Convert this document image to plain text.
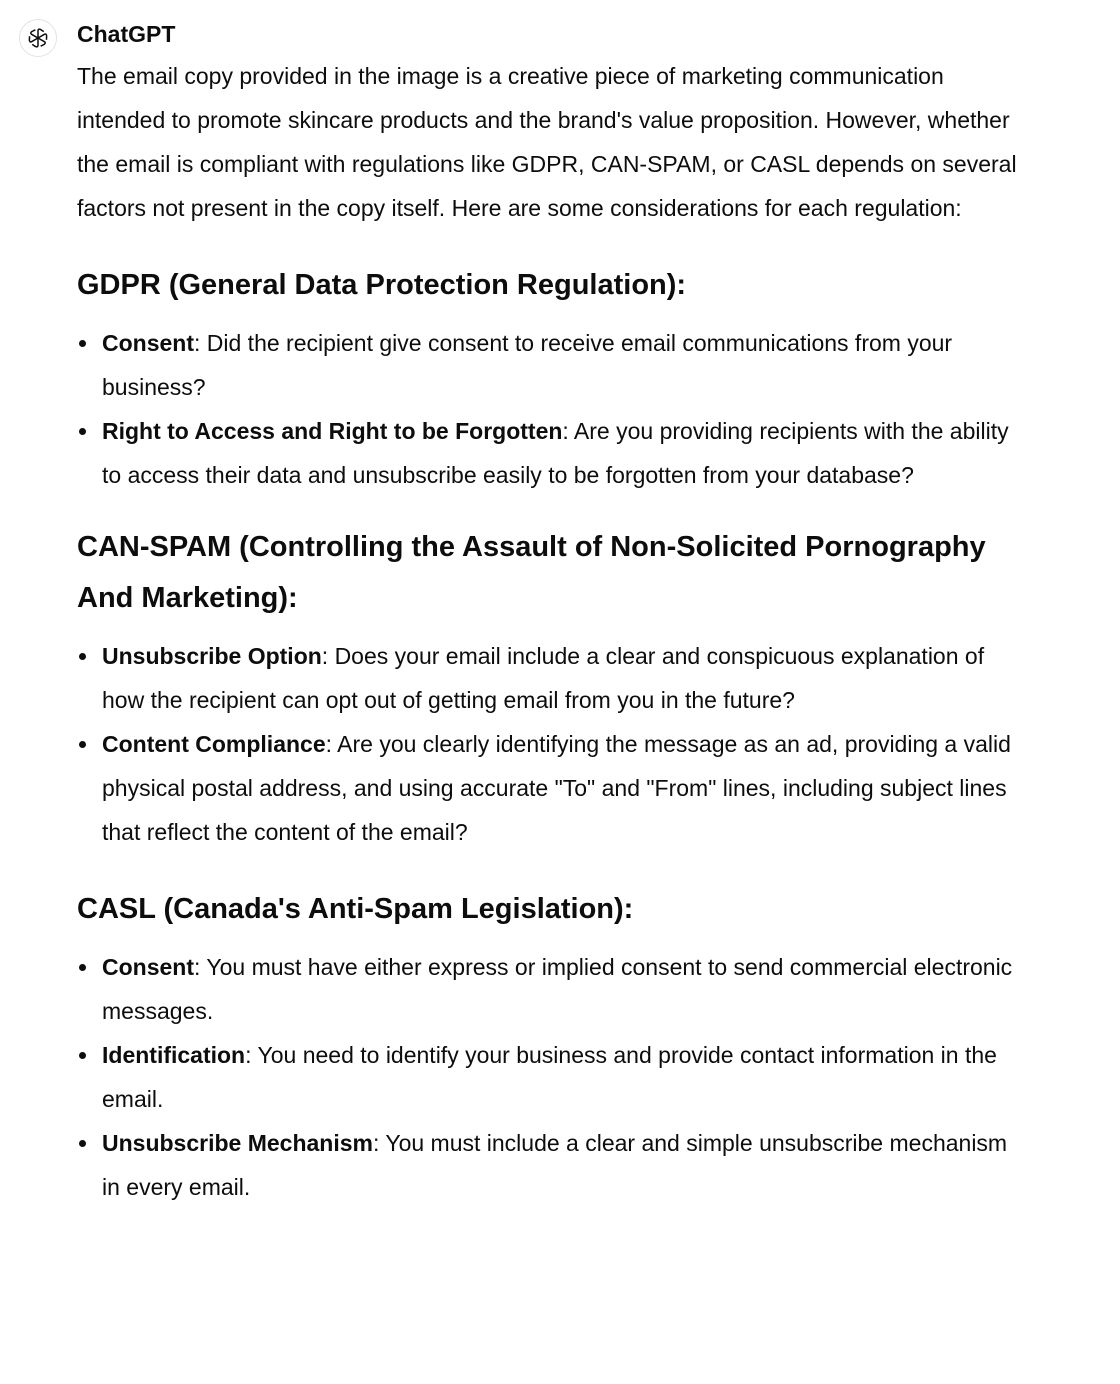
ChatGPT

The email copy provided in the image is a creative piece of marketing communication intended to promote skincare products and the brand's value proposition. However, whether the email is compliant with regulations like GDPR, CAN-SPAM, or CASL depends on several factors not present in the copy itself. Here are some considerations for each regulation:

GDPR (General Data Protection Regulation):
Consent: Did the recipient give consent to receive email communications from your business?
Right to Access and Right to be Forgotten: Are you providing recipients with the ability to access their data and unsubscribe easily to be forgotten from your database?
CAN-SPAM (Controlling the Assault of Non-Solicited Pornography And Marketing):
Unsubscribe Option: Does your email include a clear and conspicuous explanation of how the recipient can opt out of getting email from you in the future?
Content Compliance: Are you clearly identifying the message as an ad, providing a valid physical postal address, and using accurate "To" and "From" lines, including subject lines that reflect the content of the email?
CASL (Canada's Anti-Spam Legislation):
Consent: You must have either express or implied consent to send commercial electronic messages.
Identification: You need to identify your business and provide contact information in the email.
Unsubscribe Mechanism: You must include a clear and simple unsubscribe mechanism in every email.
